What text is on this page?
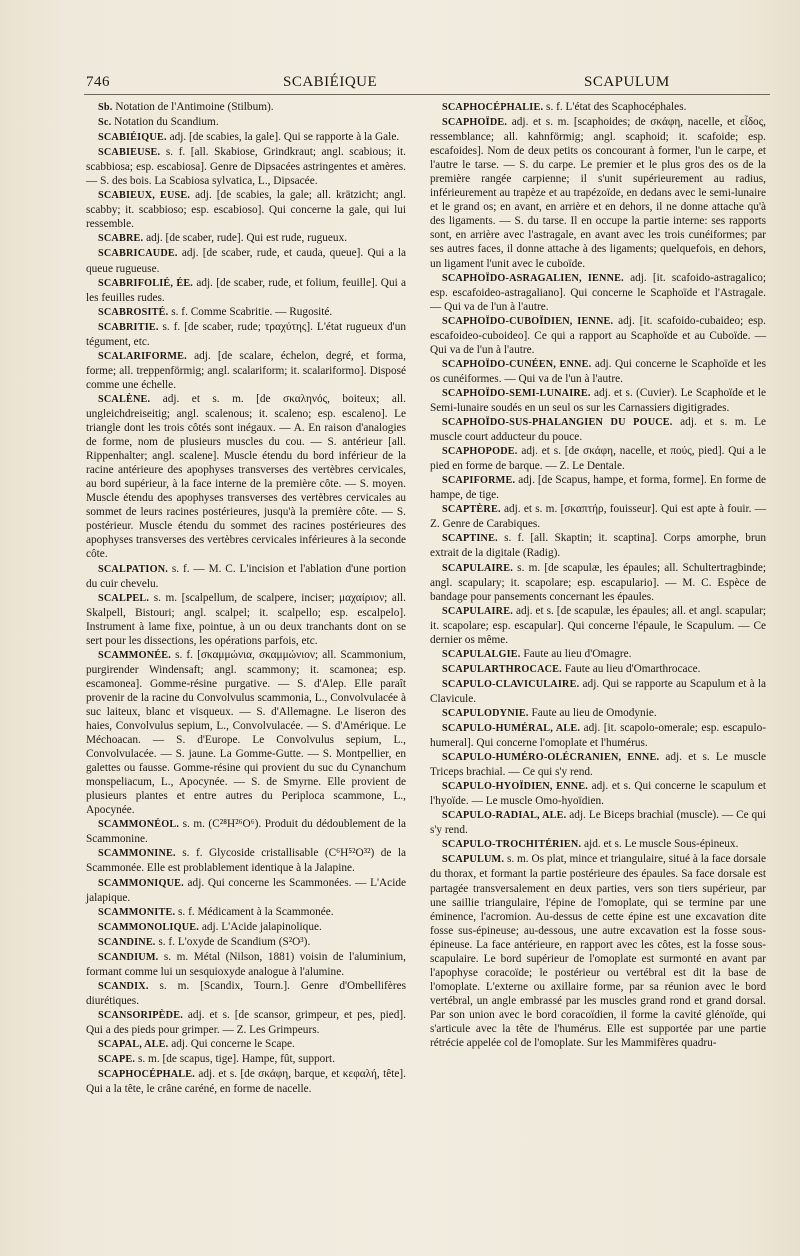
746	SCABIÉIQUE	SCAPULUM

Sb. Notation de l'Antimoine (Stilbum).

Sc. Notation du Scandium.

SCABIÉIQUE. adj. [de scabies, la gale]. Qui se rapporte à la Gale.

SCABIEUSE. s. f. [all. Skabiose, Grindkraut; angl. scabious; it. scabbiosa; esp. escabiosa]. Genre de Dipsacées astringentes et amères. — S. des bois. La Scabiosa sylvatica, L., Dipsacée.

SCABIEUX, EUSE. adj. [de scabies, la gale; all. krätzicht; angl. scabby; it. scabbioso; esp. escabioso]. Qui concerne la gale, qui lui ressemble.

SCABRE. adj. [de scaber, rude]. Qui est rude, rugueux.

SCABRICAUDE. adj. [de scaber, rude, et cauda, queue]. Qui a la queue rugueuse.

SCABRIFOLIÉ, ÉE. adj. [de scaber, rude, et folium, feuille]. Qui a les feuilles rudes.

SCABROSITÉ. s. f. Comme Scabritie. — Rugosité.

SCABRITIE. s. f. [de scaber, rude; τραχύτης]. L'état rugueux d'un tégument, etc.

SCALARIFORME. adj. [de scalare, échelon, degré, et forma, forme; all. treppenförmig; angl. scalariform; it. scalariformo]. Disposé comme une échelle.

SCALÈNE. adj. et s. m. [de σκαληνός, boiteux; all. ungleichdreiseitig; angl. scalenous; it. scaleno; esp. escaleno]. Le triangle dont les trois côtés sont inégaux. — A. En raison d'analogies de forme, nom de plusieurs muscles du cou. — S. antérieur [all. Rippenhalter; angl. scalene]. Muscle étendu du bord inférieur de la racine antérieure des apophyses transverses des vertèbres cervicales, au bord supérieur, à la face interne de la première côte. — S. moyen. Muscle étendu des apophyses transverses des vertèbres cervicales au sommet de leurs racines postérieures, jusqu'à la première côte. — S. postérieur. Muscle étendu du sommet des racines postérieures des apophyses transverses des vertèbres cervicales inférieures à la seconde côte.

SCALPATION. s. f. — M. C. L'incision et l'ablation d'une portion du cuir chevelu.

SCALPEL. s. m. [scalpellum, de scalpere, inciser; μαχαίριον; all. Skalpell, Bistouri; angl. scalpel; it. scalpello; esp. escalpelo]. Instrument à lame fixe, pointue, à un ou deux tranchants dont on se sert pour les dissections, les opérations parfois, etc.

SCAMMONÉE. s. f. [σκαμμώνια, σκαμμώνιον; all. Scammonium, purgirender Windensaft; angl. scammony; it. scamonea; esp. escamonea]. Gomme-résine purgative. — S. d'Alep. Elle paraît provenir de la racine du Convolvulus scammonia, L., Convolvulacée à suc laiteux, blanc et visqueux. — S. d'Allemagne. Le liseron des haies, Convolvulus sepium, L., Convolvulacée. — S. d'Amérique. Le Méchoacan. — S. d'Europe. Le Convolvulus sepium, L., Convolvulacée. — S. jaune. La Gomme-Gutte. — S. Montpellier, en galettes ou fausse. Gomme-résine qui provient du suc du Cynanchum monspeliacum, L., Apocynée. — S. de Smyrne. Elle provient de plusieurs plantes et entre autres du Periploca scammone, L., Apocynée.

SCAMMONÉOL. s. m. (C²⁸H²⁶O⁶). Produit du dédoublement de la Scammonine.

SCAMMONINE. s. f. Glycoside cristallisable (C⁶H⁵²O³²) de la Scammonée. Elle est problablement identique à la Jalapine.

SCAMMONIQUE. adj. Qui concerne les Scammonées. — L'Acide jalapique.

SCAMMONITE. s. f. Médicament à la Scammonée.

SCAMMONOLIQUE. adj. L'Acide jalapinolique.

SCANDINE. s. f. L'oxyde de Scandium (S²O³).

SCANDIUM. s. m. Métal (Nilson, 1881) voisin de l'aluminium, formant comme lui un sesquioxyde analogue à l'alumine.

SCANDIX. s. m. [Scandix, Tourn.]. Genre d'Ombellifères diurétiques.

SCANSORIPÈDE. adj. et s. [de scansor, grimpeur, et pes, pied]. Qui a des pieds pour grimper. — Z. Les Grimpeurs.

SCAPAL, ALE. adj. Qui concerne le Scape.

SCAPE. s. m. [de scapus, tige]. Hampe, fût, support.

SCAPHOCÉPHALE. adj. et s. [de σκάφη, barque, et κεφαλή, tête]. Qui a la tête, le crâne caréné, en forme de nacelle.

SCAPHOCÉPHALIE. s. f. L'état des Scaphocéphales.

SCAPHOÏDE. adj. et s. m. [scaphoides; de σκάφη, nacelle, et εἶδος, ressemblance; all. kahnförmig; angl. scaphoid; it. scafoide; esp. escafoides]. Nom de deux petits os concourant à former, l'un le carpe, et l'autre le tarse. — S. du carpe. Le premier et le plus gros des os de la première rangée carpienne; il s'unit supérieurement au radius, inférieurement au trapèze et au trapézoïde, en dedans avec le semi-lunaire et le grand os; en avant, en arrière et en dehors, il ne donne attache qu'à des ligaments. — S. du tarse. Il en occupe la partie interne: ses rapports sont, en arrière avec l'astragale, en avant avec les trois cunéiformes; par ses autres faces, il donne attache à des ligaments; quelquefois, en dehors, un ligament l'unit avec le cuboïde.

SCAPHOÏDO-ASRAGALIEN, IENNE. adj. [it. scafoido-astragalico; esp. escafoideo-astragaliano]. Qui concerne le Scaphoïde et l'Astragale. — Qui va de l'un à l'autre.

SCAPHOÏDO-CUBOÏDIEN, IENNE. adj. [it. scafoido-cubaideo; esp. escafoideo-cuboideo]. Ce qui a rapport au Scaphoïde et au Cuboïde. — Qui va de l'un à l'autre.

SCAPHOÏDO-CUNÉEN, ENNE. adj. Qui concerne le Scaphoïde et les os cunéiformes. — Qui va de l'un à l'autre.

SCAPHOÏDO-SEMI-LUNAIRE. adj. et s. (Cuvier). Le Scaphoïde et le Semi-lunaire soudés en un seul os sur les Carnassiers digitigrades.

SCAPHOÏDO-SUS-PHALANGIEN DU POUCE. adj. et s. m. Le muscle court adducteur du pouce.

SCAPHOPODE. adj. et s. [de σκάφη, nacelle, et πούς, pied]. Qui a le pied en forme de barque. — Z. Le Dentale.

SCAPIFORME. adj. [de Scapus, hampe, et forma, forme]. En forme de hampe, de tige.

SCAPTÈRE. adj. et s. m. [σκαπτήρ, fouisseur]. Qui est apte à fouir. — Z. Genre de Carabiques.

SCAPTINE. s. f. [all. Skaptin; it. scaptina]. Corps amorphe, brun extrait de la digitale (Radig).

SCAPULAIRE. s. m. [de scapulæ, les épaules; all. Schultertragbinde; angl. scapulary; it. scapolare; esp. escapulario]. — M. C. Espèce de bandage pour pansements concernant les épaules.

SCAPULAIRE. adj. et s. [de scapulæ, les épaules; all. et angl. scapular; it. scapolare; esp. escapular]. Qui concerne l'épaule, le Scapulum. — Ce dernier os même.

SCAPULALGIE. Faute au lieu d'Omagre.

SCAPULARTHROCACE. Faute au lieu d'Omarthrocace.

SCAPULO-CLAVICULAIRE. adj. Qui se rapporte au Scapulum et à la Clavicule.

SCAPULODYNIE. Faute au lieu de Omodynie.

SCAPULO-HUMÉRAL, ALE. adj. [it. scapolo-omerale; esp. escapulo-humeral]. Qui concerne l'omoplate et l'humérus.

SCAPULO-HUMÉRO-OLÉCRANIEN, ENNE. adj. et s. Le muscle Triceps brachial. — Ce qui s'y rend.

SCAPULO-HYOÏDIEN, ENNE. adj. et s. Qui concerne le scapulum et l'hyoïde. — Le muscle Omo-hyoïdien.

SCAPULO-RADIAL, ALE. adj. Le Biceps brachial (muscle). — Ce qui s'y rend.

SCAPULO-TROCHITÉRIEN. ajd. et s. Le muscle Sous-épineux.

SCAPULUM. s. m. Os plat, mince et triangulaire, situé à la face dorsale du thorax, et formant la partie postérieure des épaules. Sa face dorsale est partagée transversalement en deux parties, vers son tiers supérieur, par une saillie triangulaire, l'épine de l'omoplate, qui se termine par une éminence, l'acromion. Au-dessus de cette épine est une excavation dite fosse sus-épineuse; au-dessous, une autre excavation est la fosse sous-épineuse. La face antérieure, en rapport avec les côtes, est la fosse sous-scapulaire. Le bord supérieur de l'omoplate est surmonté en avant par l'apophyse coracoïde; le postérieur ou vertébral est dit la base de l'omoplate. L'externe ou axillaire forme, par sa réunion avec le bord vertébral, un angle embrassé par les muscles grand rond et grand dorsal. Par son union avec le bord coracoïdien, il forme la cavité glénoïde, qui s'articule avec la tête de l'humérus. Elle est supportée par une partie rétrécie appelée col de l'omoplate. Sur les Mammifères quadru-
